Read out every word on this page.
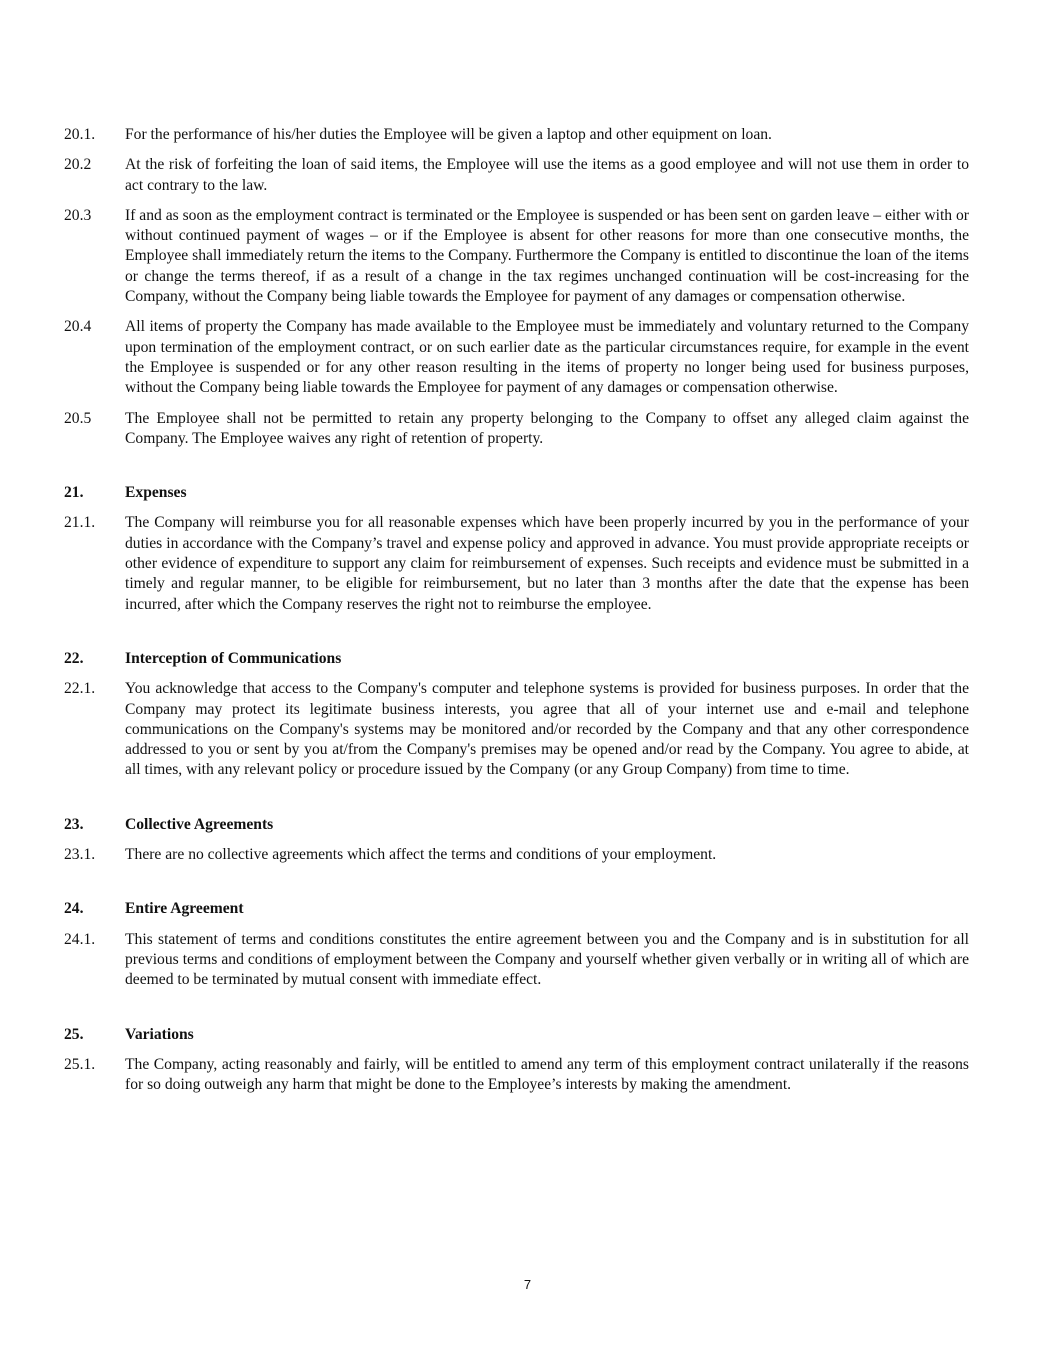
20.1.	For the performance of his/her duties the Employee will be given a laptop and other equipment on loan.
20.2	At the risk of forfeiting the loan of said items, the Employee will use the items as a good employee and will not use them in order to act contrary to the law.
20.3	If and as soon as the employment contract is terminated or the Employee is suspended or has been sent on garden leave – either with or without continued payment of wages – or if the Employee is absent for other reasons for more than one consecutive months, the Employee shall immediately return the items to the Company. Furthermore the Company is entitled to discontinue the loan of the items or change the terms thereof, if as a result of a change in the tax regimes unchanged continuation will be cost-increasing for the Company, without the Company being liable towards the Employee for payment of any damages or compensation otherwise.
20.4	All items of property the Company has made available to the Employee must be immediately and voluntary returned to the Company upon termination of the employment contract, or on such earlier date as the particular circumstances require, for example in the event the Employee is suspended or for any other reason resulting in the items of property no longer being used for business purposes, without the Company being liable towards the Employee for payment of any damages or compensation otherwise.
20.5	The Employee shall not be permitted to retain any property belonging to the Company to offset any alleged claim against the Company. The Employee waives any right of retention of property.
21.	Expenses
21.1.	The Company will reimburse you for all reasonable expenses which have been properly incurred by you in the performance of your duties in accordance with the Company’s travel and expense policy and approved in advance. You must provide appropriate receipts or other evidence of expenditure to support any claim for reimbursement of expenses. Such receipts and evidence must be submitted in a timely and regular manner, to be eligible for reimbursement, but no later than 3 months after the date that the expense has been incurred, after which the Company reserves the right not to reimburse the employee.
22.	Interception of Communications
22.1.	You acknowledge that access to the Company's computer and telephone systems is provided for business purposes. In order that the Company may protect its legitimate business interests, you agree that all of your internet use and e-mail and telephone communications on the Company's systems may be monitored and/or recorded by the Company and that any other correspondence addressed to you or sent by you at/from the Company's premises may be opened and/or read by the Company. You agree to abide, at all times, with any relevant policy or procedure issued by the Company (or any Group Company) from time to time.
23.	Collective Agreements
23.1.	There are no collective agreements which affect the terms and conditions of your employment.
24.	Entire Agreement
24.1.	This statement of terms and conditions constitutes the entire agreement between you and the Company and is in substitution for all previous terms and conditions of employment between the Company and yourself whether given verbally or in writing all of which are deemed to be terminated by mutual consent with immediate effect.
25.	Variations
25.1.	The Company, acting reasonably and fairly, will be entitled to amend any term of this employment contract unilaterally if the reasons for so doing outweigh any harm that might be done to the Employee’s interests by making the amendment.
7
